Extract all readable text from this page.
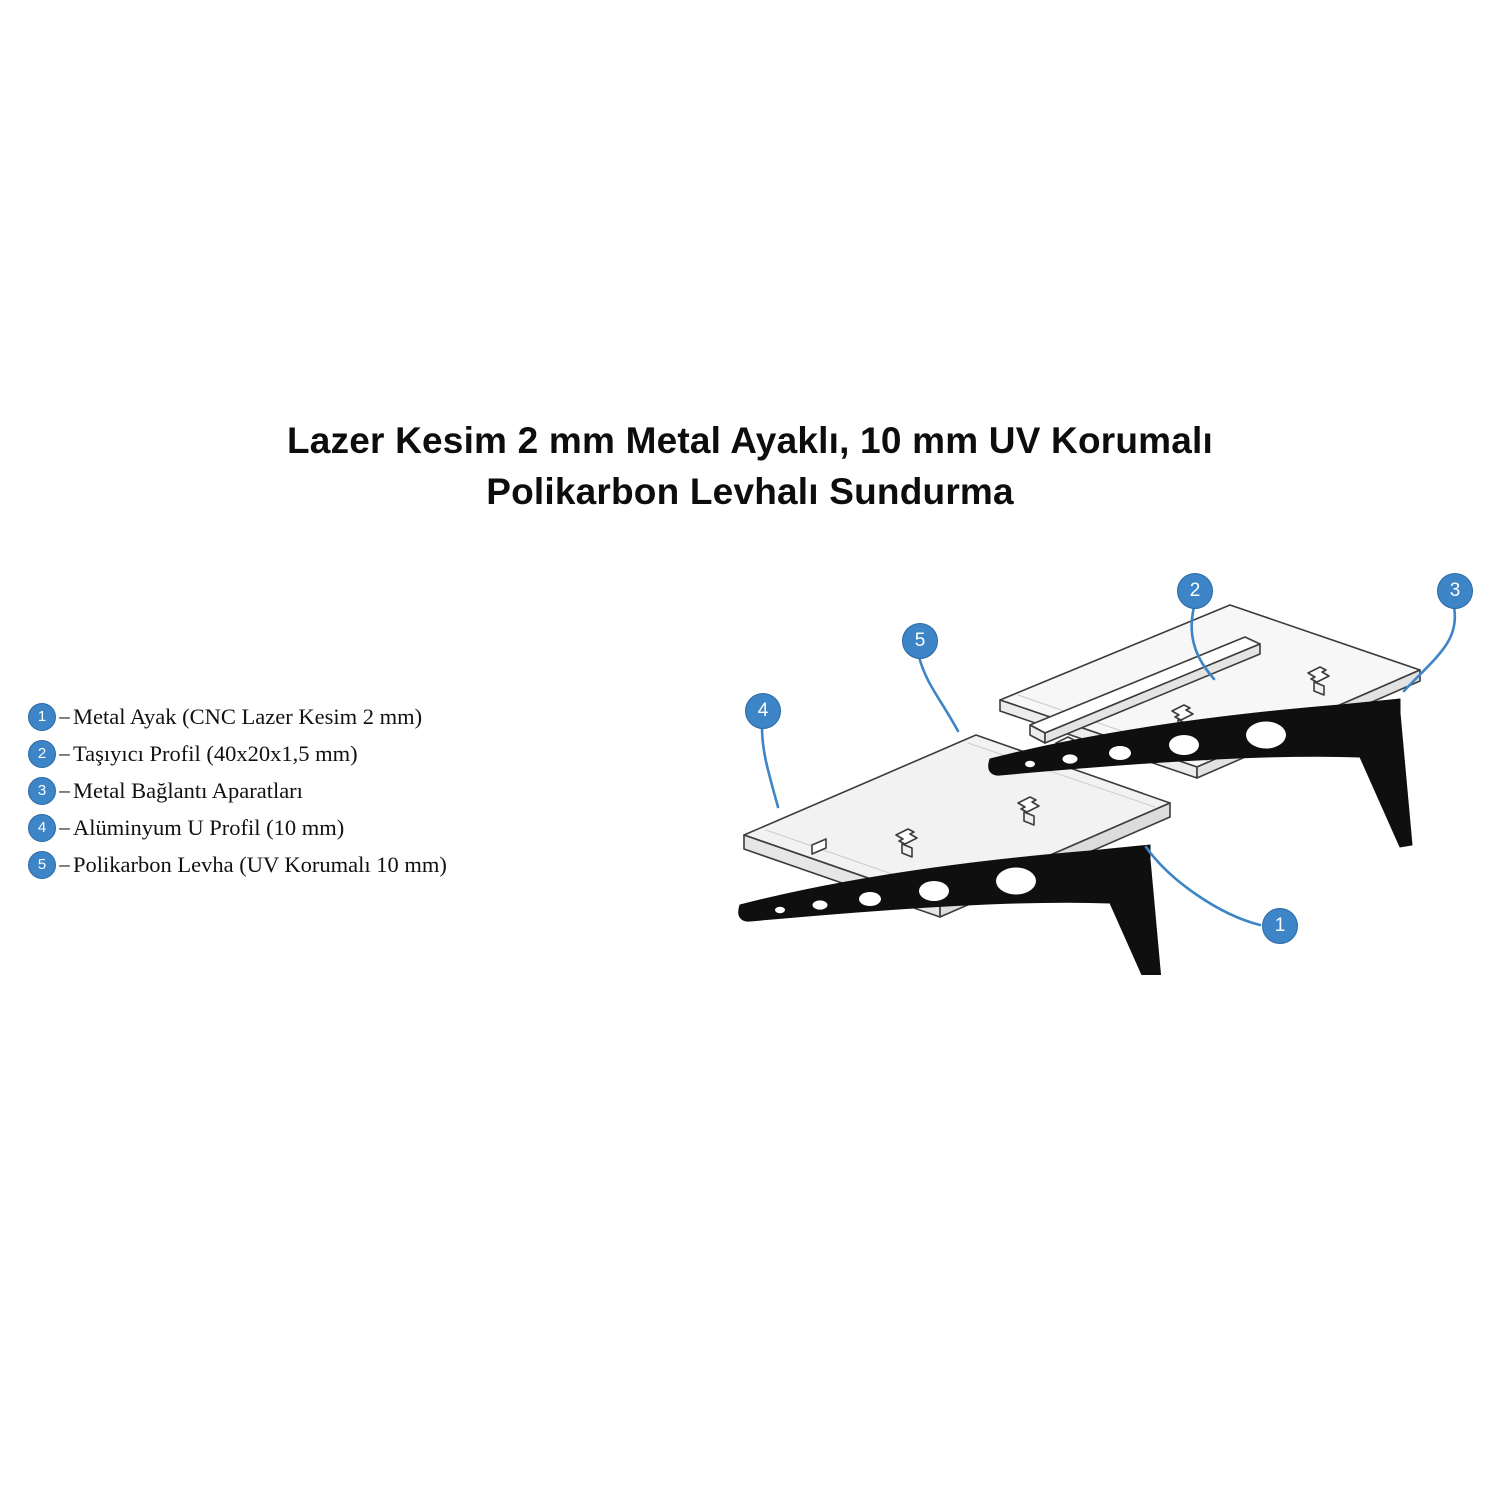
Lazer Kesim 2 mm Metal Ayaklı, 10 mm UV Korumalı
Polikarbon Levhalı Sundurma
1 – Metal Ayak (CNC Lazer Kesim 2 mm)
2 – Taşıyıcı Profil (40x20x1,5 mm)
3 – Metal Bağlantı Aparatları
4 – Alüminyum U Profil (10 mm)
5 – Polikarbon Levha (UV Korumalı 10 mm)
2	3
5
4
1
